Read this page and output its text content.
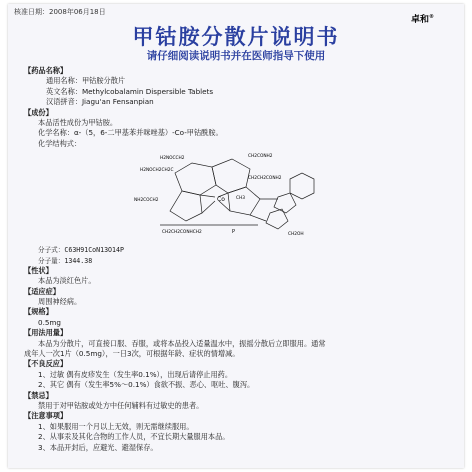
核准日期：2008年06月18日
卓和®
甲钴胺分散片说明书
请仔细阅读说明书并在医师指导下使用
【药品名称】
通用名称：甲钴胺分散片
英文名称：Methylcobalamin Dispersible Tablets
汉语拼音：Jiagu'an Fensanpian
【成份】
本品活性成份为甲钴胺。
化学名称：α-（5，6-二甲基苯并咪唑基）-Co-甲钴酰胺。
化学结构式：
Co
H2NOCCH2	CH2CONH2
CH2CH2CONH2
H2NOCH2CH2C
NH2COCH2	CH3
CH2CH2CONHCH2	P	CH2OH
分子式：C63H91CoN13O14P
分子量：1344.38
【性状】
本品为淡红色片。
【适应症】
周围神经病。
【规格】
0.5mg
【用法用量】
本品为分散片，可直接口服、吞服，或将本品投入适量温水中，振摇分散后立即服用。通常
成年人一次1片（0.5mg），一日3次，可根据年龄、症状的情增减。
【不良反应】
1、过敏 偶有皮疹发生（发生率0.1%），出现后请停止用药。
2、其它 偶有（发生率5%～0.1%）食欲不振、恶心、呕吐、腹泻。
【禁忌】
禁用于对甲钴胺或处方中任何辅料有过敏史的患者。
【注意事项】
1、如果服用一个月以上无效，则无需继续服用。
2、从事汞及其化合物的工作人员，不宜长期大量服用本品。
3、本品开封后，应避光、避湿保存。
